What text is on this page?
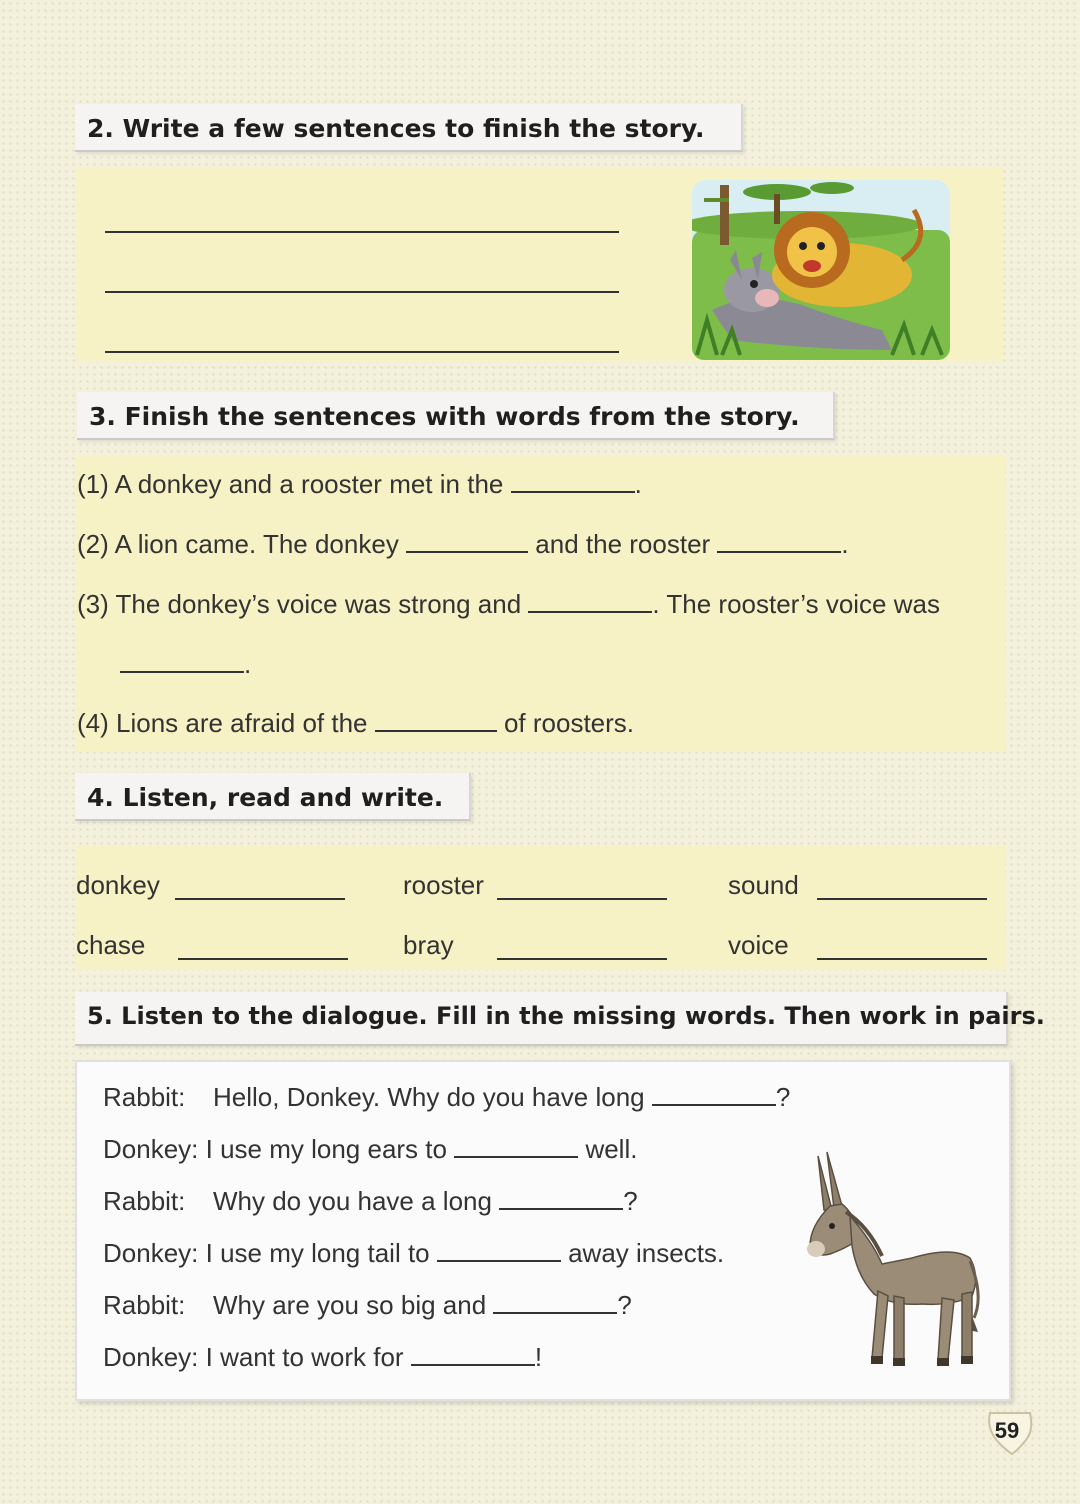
2. Write a few sentences to finish the story.
3. Finish the sentences with words from the story.
(1) A donkey and a rooster met in the	.
(2) A lion came. The donkey	and the rooster	.
(3) The donkey’s voice was strong and	. The rooster’s voice was
.
(4) Lions are afraid of the	of roosters.
4. Listen, read and write.
donkey	rooster	sound
chase	bray	voice
5. Listen to the dialogue. Fill in the missing words. Then work in pairs.
Rabbit: Hello, Donkey. Why do you have long	?
Donkey: I use my long ears to	well.
Rabbit: Why do you have a long	?
Donkey: I use my long tail to	away insects.
Rabbit: Why are you so big and	?
Donkey: I want to work for	!
59
